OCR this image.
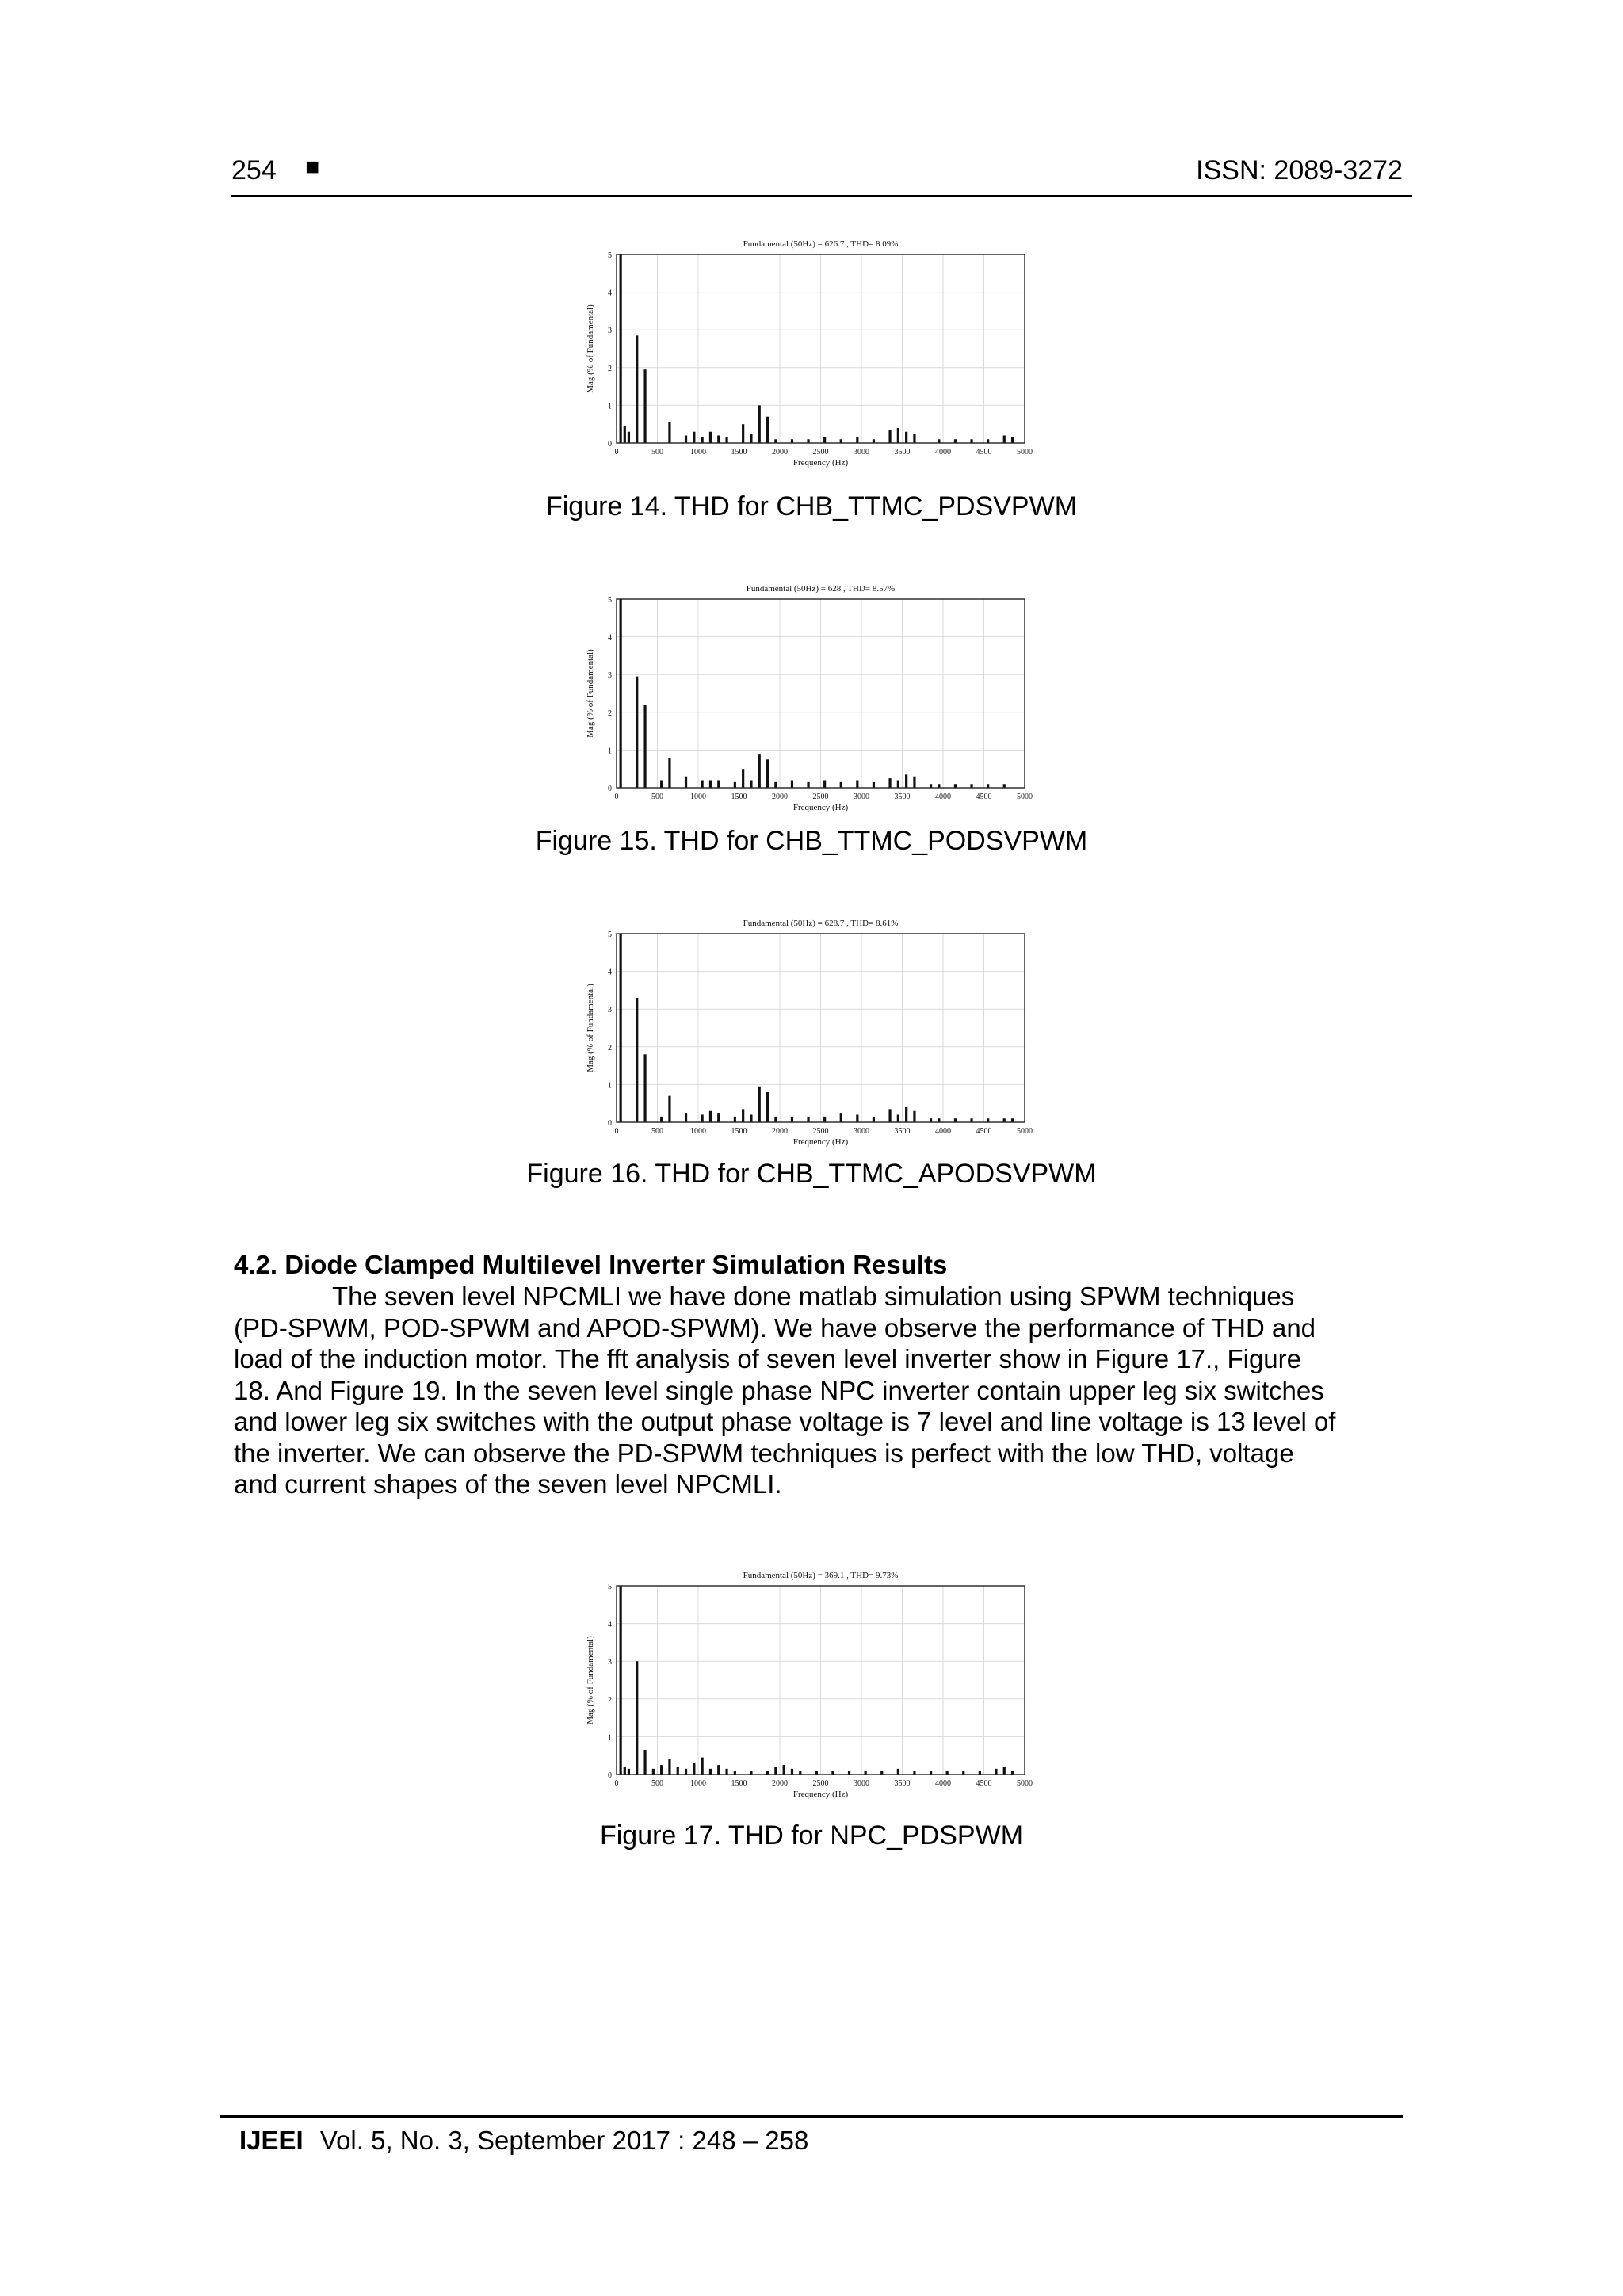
254 ■	ISSN: 2089-3272
0	500	1000	1500	2000	2500	3000	3500	4000	4500	5000
0
1
2
3
4
5
Fundamental (50Hz) = 626.7 , THD= 8.09%
Frequency (Hz)
Mag (% of Fundamental)
Figure 14. THD for CHB_TTMC_PDSVPWM
0	500	1000	1500	2000	2500	3000	3500	4000	4500	5000
0
1
2
3
4
5
Fundamental (50Hz) = 628 , THD= 8.57%
Frequency (Hz)
Mag (% of Fundamental)
Figure 15. THD for CHB_TTMC_PODSVPWM
0	500	1000	1500	2000	2500	3000	3500	4000	4500	5000
0
1
2
3
4
5
Fundamental (50Hz) = 628.7 , THD= 8.61%
Frequency (Hz)
Mag (% of Fundamental)
Figure 16. THD for CHB_TTMC_APODSVPWM
4.2. Diode Clamped Multilevel Inverter Simulation Results
The seven level NPCMLI we have done matlab simulation using SPWM techniques
(PD-SPWM, POD-SPWM and APOD-SPWM). We have observe the performance of THD and
load of the induction motor. The fft analysis of seven level inverter show in Figure 17., Figure
18. And Figure 19. In the seven level single phase NPC inverter contain upper leg six switches
and lower leg six switches with the output phase voltage is 7 level and line voltage is 13 level of
the inverter. We can observe the PD-SPWM techniques is perfect with the low THD, voltage
and current shapes of the seven level NPCMLI.
0	500	1000	1500	2000	2500	3000	3500	4000	4500	5000
0
1
2
3
4
5
Fundamental (50Hz) = 369.1 , THD= 9.73%
Frequency (Hz)
Mag (% of Fundamental)
Figure 17. THD for NPC_PDSPWM
IJEEI Vol. 5, No. 3, September 2017 : 248 – 258
